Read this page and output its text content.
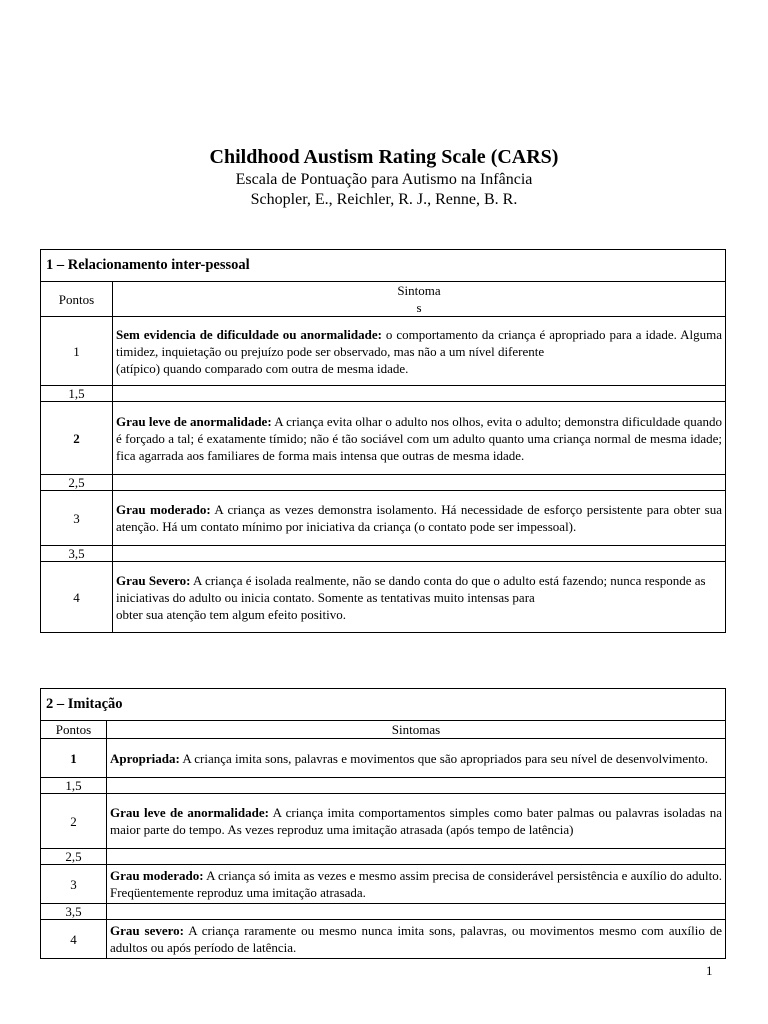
Childhood Austism Rating Scale (CARS)
Escala de Pontuação para Autismo na Infância
Schopler, E., Reichler, R. J., Renne, B. R.
1 – Relacionamento inter-pessoal	
Pontos	Sintoma
s
1	Sem evidencia de dificuldade ou anormalidade: o comportamento da criança é apropriado para a idade. Alguma timidez, inquietação ou prejuízo pode ser observado, mas não a um nível diferente
(atípico) quando comparado com outra de mesma idade.
1,5	
2	Grau leve de anormalidade: A criança evita olhar o adulto nos olhos, evita o adulto; demonstra dificuldade quando é forçado a tal; é exatamente tímido; não é tão sociável com um adulto quanto uma criança normal de mesma idade; fica agarrada aos familiares de forma mais intensa que outras de mesma idade.
2,5	
3	Grau moderado: A criança as vezes demonstra isolamento. Há necessidade de esforço persistente para obter sua atenção. Há um contato mínimo por iniciativa da criança (o contato pode ser impessoal).
3,5	
4	Grau Severo: A criança é isolada realmente, não se dando conta do que o adulto está fazendo; nunca responde as iniciativas do adulto ou inicia contato. Somente as tentativas muito intensas para
obter sua atenção tem algum efeito positivo.
2 – Imitação	
Pontos	Sintomas
1	Apropriada: A criança imita sons, palavras e movimentos que são apropriados para seu nível de desenvolvimento.
1,5	
2	Grau leve de anormalidade: A criança imita comportamentos simples como bater palmas ou palavras isoladas na maior parte do tempo. As vezes reproduz uma imitação atrasada (após tempo de latência)
2,5	
3	Grau moderado: A criança só imita as vezes e mesmo assim precisa de considerável persistência e auxílio do adulto. Freqüentemente reproduz uma imitação atrasada.
3,5	
4	Grau severo: A criança raramente ou mesmo nunca imita sons, palavras, ou movimentos mesmo com auxílio de adultos ou após período de latência.
1
